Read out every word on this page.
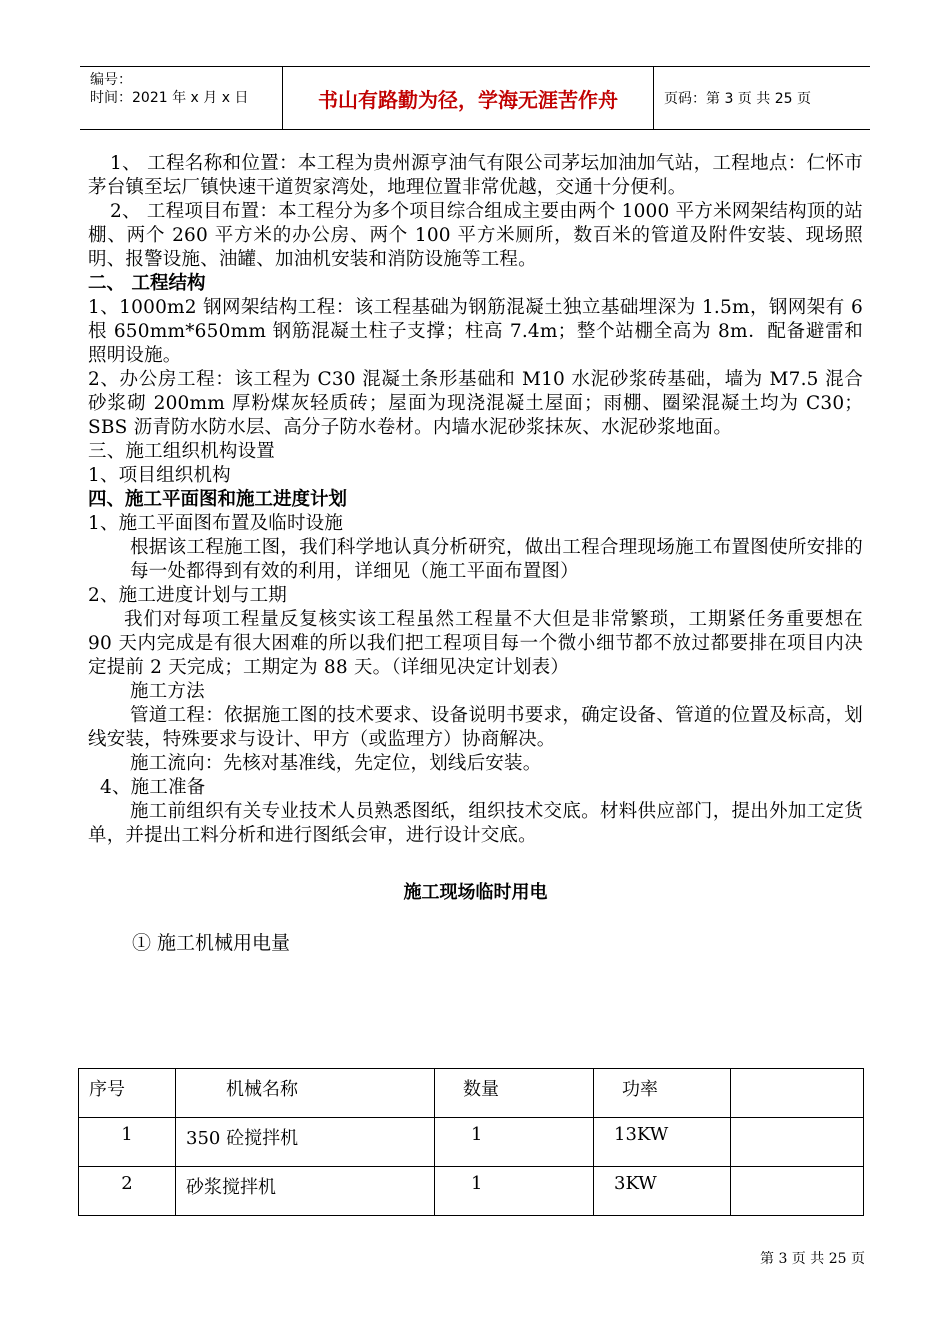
编号：
时间：2021 年 x 月 x 日	书山有路勤为径，学海无涯苦作舟	页码：第 3 页 共 25 页

1、 工程名称和位置：本工程为贵州源亨油气有限公司茅坛加油加气站，工程地点：仁怀市茅台镇至坛厂镇快速干道贺家湾处，地理位置非常优越，交通十分便利。

2、 工程项目布置：本工程分为多个项目综合组成主要由两个 1000 平方米网架结构顶的站棚、两个 260 平方米的办公房、两个 100 平方米厕所，数百米的管道及附件安装、现场照明、报警设施、油罐、加油机安装和消防设施等工程。

二、 工程结构

1、1000m2 钢网架结构工程：该工程基础为钢筋混凝土独立基础埋深为 1.5m，钢网架有 6 根 650mm*650mm 钢筋混凝土柱子支撑；柱高 7.4m；整个站棚全高为 8m．配备避雷和照明设施。

2、办公房工程：该工程为 C30 混凝土条形基础和 M10 水泥砂浆砖基础，墙为 M7.5 混合砂浆砌 200mm 厚粉煤灰轻质砖；屋面为现浇混凝土屋面；雨棚、圈梁混凝土均为 C30；SBS 沥青防水防水层、高分子防水卷材。内墙水泥砂浆抹灰、水泥砂浆地面。

三、施工组织机构设置

1、项目组织机构

四、施工平面图和施工进度计划

1、施工平面图布置及临时设施

根据该工程施工图，我们科学地认真分析研究，做出工程合理现场施工布置图使所安排的每一处都得到有效的利用，详细见（施工平面布置图）

2、施工进度计划与工期

我们对每项工程量反复核实该工程虽然工程量不大但是非常繁琐，工期紧任务重要想在 90 天内完成是有很大困难的所以我们把工程项目每一个微小细节都不放过都要排在项目内决定提前 2 天完成；工期定为 88 天。（详细见决定计划表）

施工方法

管道工程：依据施工图的技术要求、设备说明书要求，确定设备、管道的位置及标高，划线安装，特殊要求与设计、甲方（或监理方）协商解决。

施工流向：先核对基准线，先定位，划线后安装。

4、施工准备

施工前组织有关专业技术人员熟悉图纸，组织技术交底。材料供应部门，提出外加工定货单，并提出工料分析和进行图纸会审，进行设计交底。

施工现场临时用电
① 施工机械用电量
序号	机械名称	数量	功率	
1	350 砼搅拌机	1	13KW	
2	砂浆搅拌机	1	3KW	
第 3 页 共 25 页
